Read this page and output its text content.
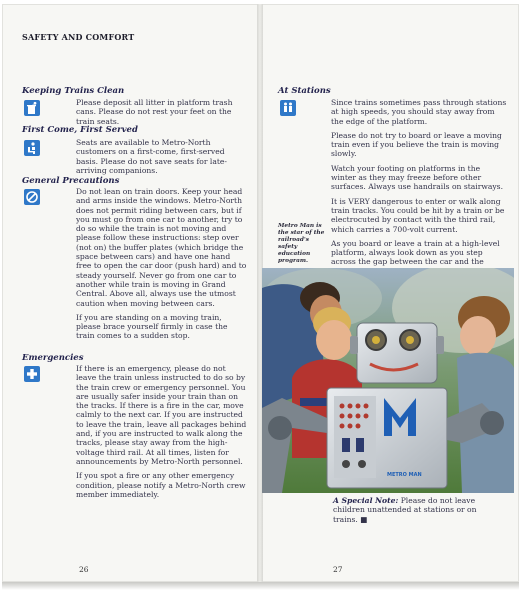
SAFETY AND COMFORT
Keeping Trains Clean

Please deposit all litter in platform trash cans. Please do not rest your feet on the train seats.

First Come, First Served

Seats are available to Metro-North customers on a first-come, first-served basis. Please do not save seats for late-arriving companions.

General Precautions

Do not lean on train doors. Keep your head and arms inside the windows. Metro-North does not permit riding between cars, but if you must go from one car to another, try to do so while the train is not moving and please follow these instructions: step over (not on) the buffer plates (which bridge the space between cars) and have one hand free to open the car door (push hard) and to steady yourself. Never go from one car to another while train is moving in Grand Central. Above all, always use the utmost caution when moving between cars.

If you are standing on a moving train, please brace yourself firmly in case the train comes to a sudden stop.

Emergencies

If there is an emergency, please do not leave the train unless instructed to do so by the train crew or emergency personnel. You are usually safer inside your train than on the tracks. If there is a fire in the car, move calmly to the next car. If you are instructed to leave the train, leave all packages behind and, if you are instructed to walk along the tracks, please stay away from the high-voltage third rail. At all times, listen for announcements by Metro-North personnel.

If you spot a fire or any other emergency condition, please notify a Metro-North crew member immediately.

26
At Stations

Since trains sometimes pass through stations at high speeds, you should stay away from the edge of the platform.

Please do not try to board or leave a moving train even if you believe the train is moving slowly.

Watch your footing on platforms in the winter as they may freeze before other surfaces. Always use handrails on stairways.

It is VERY dangerous to enter or walk along train tracks. You could be hit by a train or be electrocuted by contact with the third rail, which carries a 700-volt current.

As you board or leave a train at a high-level platform, always look down as you step across the gap between the car and the

Metro Man is the star of the railroad's safety education program.
METRO MAN
A Special Note: Please do not leave children unattended at stations or on trains. ■
27
